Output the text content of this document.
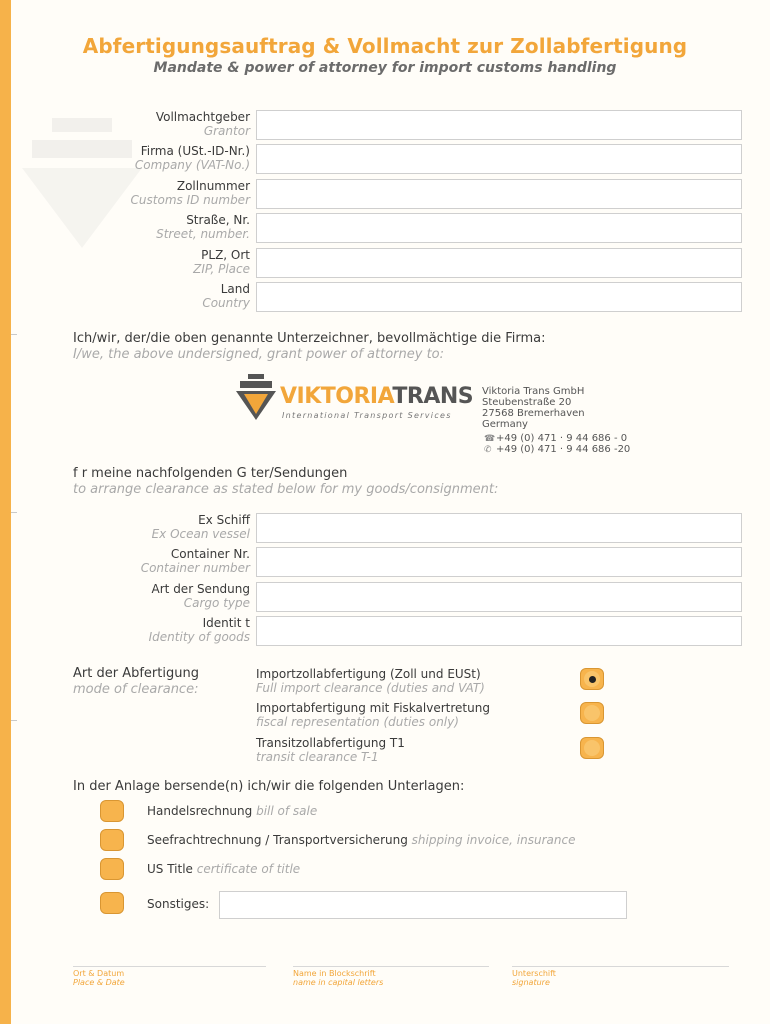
Abfertigungsauftrag & Vollmacht zur Zollabfertigung
Mandate & power of attorney for import customs handling
Vollmachtgeber
Grantor
Firma (USt.-ID-Nr.)
Company (VAT-No.)
Zollnummer
Customs ID number
Straße, Nr.
Street, number.
PLZ, Ort
ZIP, Place
Land
Country
Ich/wir, der/die oben genannte Unterzeichner, bevollmächtige die Firma:
I/we, the above undersigned, grant power of attorney to:
VIKTORIATRANS
International Transport Services
Viktoria Trans GmbH
Steubenstraße 20
27568 Bremerhaven
Germany
☎+49 (0) 471 · 9 44 686 - 0
✆ +49 (0) 471 · 9 44 686 -20
f r meine nachfolgenden G ter/Sendungen
to arrange clearance as stated below for my goods/consignment:
Ex Schiff
Ex Ocean vessel
Container Nr.
Container number
Art der Sendung
Cargo type
Identit t
Identity of goods
Art der Abfertigung
mode of clearance:
Importzollabfertigung (Zoll und EUSt)
Full import clearance (duties and VAT)
Importabfertigung mit Fiskalvertretung
fiscal representation (duties only)
Transitzollabfertigung T1
transit clearance T-1
In der Anlage bersende(n) ich/wir die folgenden Unterlagen:
Handelsrechnung bill of sale
Seefrachtrechnung / Transportversicherung shipping invoice, insurance
US Title certificate of title
Sonstiges:
Ort & Datum
Place & Date
Name in Blockschrift
name in capital letters
Unterschift
signature
